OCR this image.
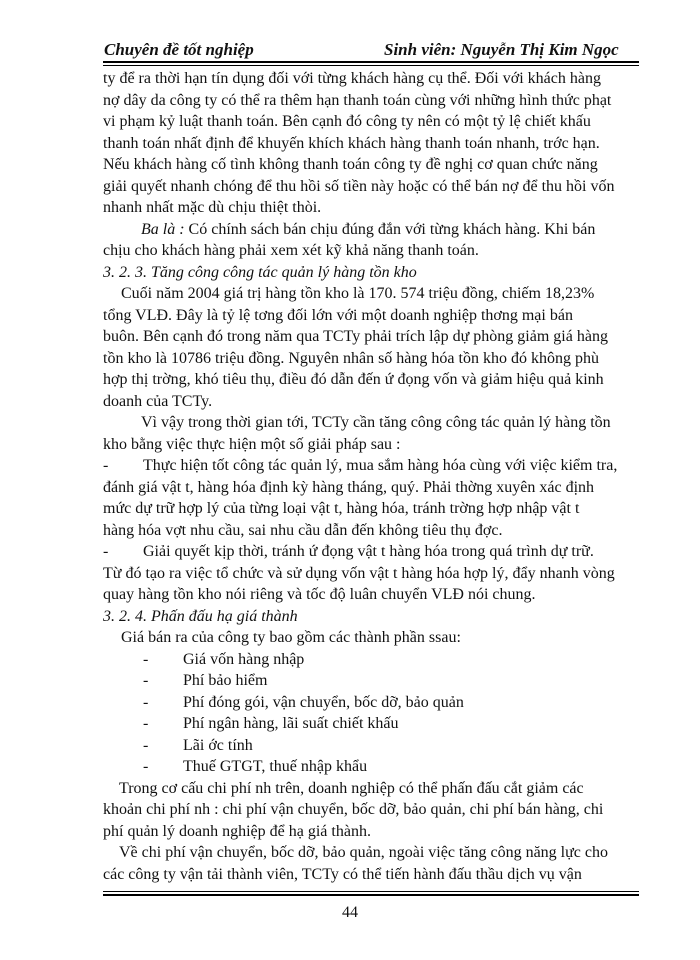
Chuyên đề tốt nghiệp	Sinh viên: Nguyễn Thị Kim Ngọc
ty để ra thời hạn tín dụng đối với từng khách hàng cụ thể. Đối với khách hàng
nợ dây da công ty có thể ra thêm hạn thanh toán cùng với những hình thức phạt
vi phạm kỷ luật thanh toán. Bên cạnh đó công ty nên có một tỷ lệ chiết khấu
thanh toán nhất định để khuyến khích khách hàng thanh toán nhanh, trớc hạn.
Nếu khách hàng cố tình không thanh toán công ty đề nghị cơ quan chức năng
giải quyết nhanh chóng để thu hồi số tiền này hoặc có thể bán nợ để thu hồi vốn
nhanh nhất mặc dù chịu thiệt thòi.
Ba là : Có chính sách bán chịu đúng đắn với từng khách hàng. Khi bán
chịu cho khách hàng phải xem xét kỹ khả năng thanh toán.
3. 2. 3. Tăng công công tác quản lý hàng tồn kho
Cuối năm 2004 giá trị hàng tồn kho là 170. 574 triệu đồng, chiếm 18,23%
tổng VLĐ. Đây là tỷ lệ tơng đối lớn với một doanh nghiệp thơng mại bán
buôn. Bên cạnh đó trong năm qua TCTy phải trích lập dự phòng giảm giá hàng
tồn kho là 10786 triệu đồng. Nguyên nhân số hàng hóa tồn kho đó không phù
hợp thị trờng, khó tiêu thụ, điều đó dẫn đến ứ đọng vốn và giảm hiệu quả kinh
doanh của TCTy.
Vì vậy trong thời gian tới, TCTy cần tăng công công tác quản lý hàng tồn
kho bằng việc thực hiện một số giải pháp sau :
- Thực hiện tốt công tác quản lý, mua sắm hàng hóa cùng với việc kiểm tra,
đánh giá vật t, hàng hóa định kỳ hàng tháng, quý. Phải thờng xuyên xác định
mức dự trữ hợp lý của từng loại vật t, hàng hóa, tránh trờng hợp nhập vật t
hàng hóa vợt nhu cầu, sai nhu cầu dẫn đến không tiêu thụ đợc.
- Giải quyết kịp thời, tránh ứ đọng vật t hàng hóa trong quá trình dự trữ.
Từ đó tạo ra việc tổ chức và sử dụng vốn vật t hàng hóa hợp lý, đẩy nhanh vòng
quay hàng tồn kho nói riêng và tốc độ luân chuyển VLĐ nói chung.
3. 2. 4. Phấn đấu hạ giá thành
Giá bán ra của công ty bao gồm các thành phần ssau:
- Giá vốn hàng nhập
- Phí bảo hiểm
- Phí đóng gói, vận chuyển, bốc dỡ, bảo quản
- Phí ngân hàng, lãi suất chiết khấu
- Lãi ớc tính
- Thuế GTGT, thuế nhập khẩu
Trong cơ cấu chi phí nh trên, doanh nghiệp có thể phấn đấu cắt giảm các
khoản chi phí nh : chi phí vận chuyển, bốc dỡ, bảo quản, chi phí bán hàng, chi
phí quản lý doanh nghiệp để hạ giá thành.
Về chi phí vận chuyển, bốc dỡ, bảo quản, ngoài việc tăng công năng lực cho
các công ty vận tải thành viên, TCTy có thể tiến hành đấu thầu dịch vụ vận
44
